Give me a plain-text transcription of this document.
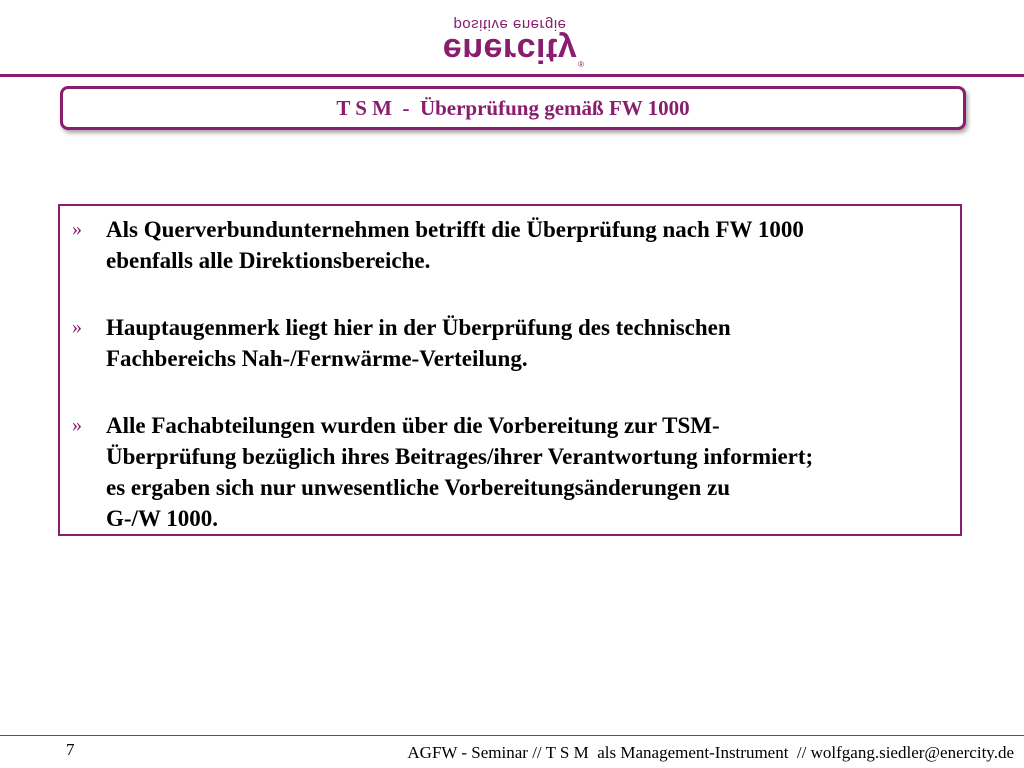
positive energie
enercity ®
T S M  -  Überprüfung gemäß FW 1000
» Als Querverbundunternehmen betrifft die Überprüfung nach FW 1000
ebenfalls alle Direktionsbereiche.
» Hauptaugenmerk liegt hier in der Überprüfung des technischen
Fachbereichs Nah-/Fernwärme-Verteilung.
» Alle Fachabteilungen wurden über die Vorbereitung zur TSM-
Überprüfung bezüglich ihres Beitrages/ihrer Verantwortung informiert;
es ergaben sich nur unwesentliche Vorbereitungsänderungen zu
G-/W 1000.
7	AGFW - Seminar // T S M  als Management-Instrument  // wolfgang.siedler@enercity.de
